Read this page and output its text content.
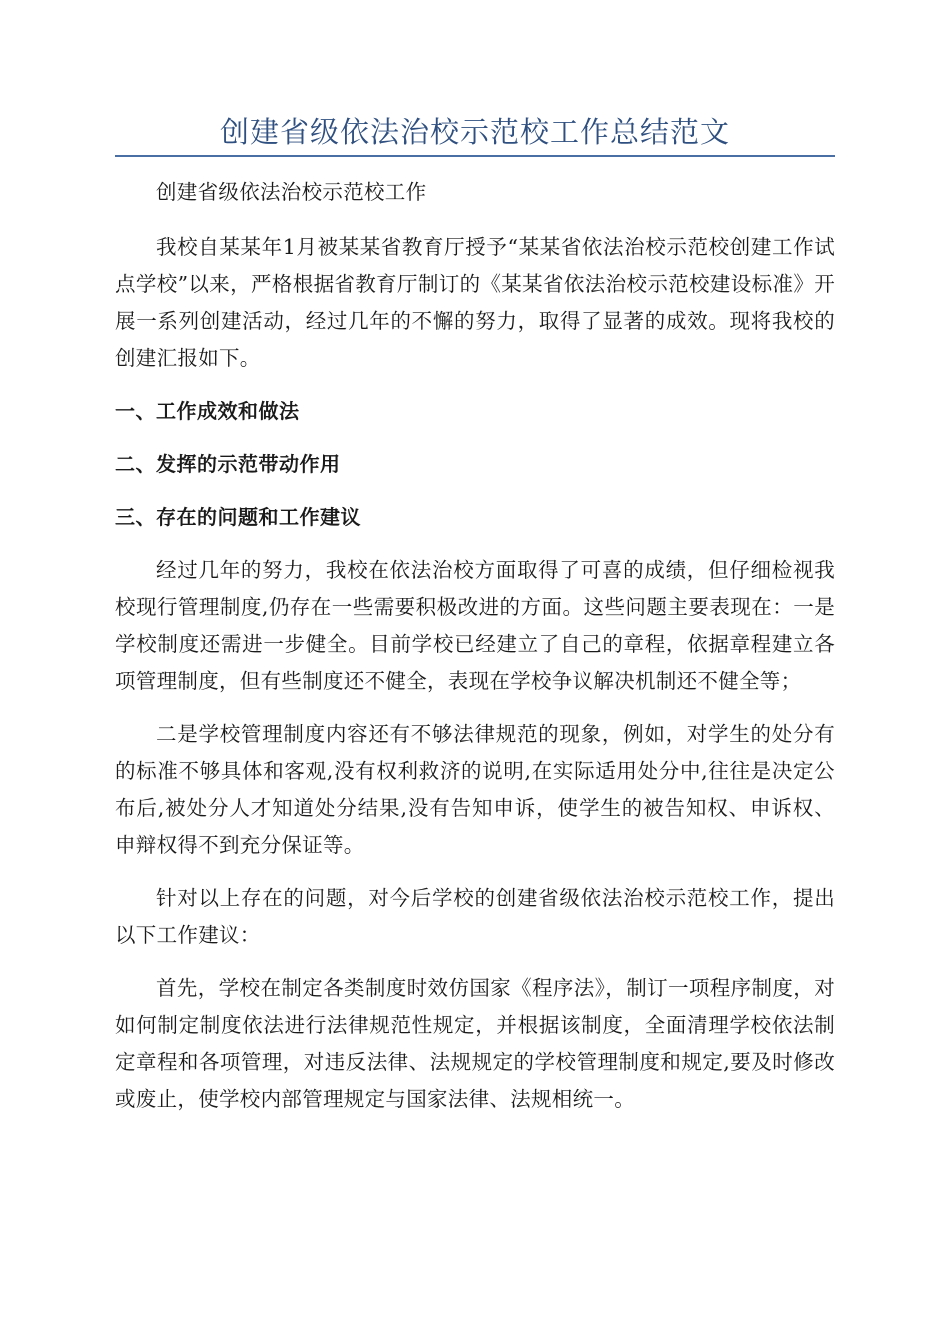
创建省级依法治校示范校工作总结范文

创建省级依法治校示范校工作

我校自某某年1月被某某省教育厅授予“某某省依法治校示范校创建工作试点学校”以来，严格根据省教育厅制订的《某某省依法治校示范校建设标准》开展一系列创建活动，经过几年的不懈的努力，取得了显著的成效。现将我校的创建汇报如下。

一、工作成效和做法
二、发挥的示范带动作用
三、存在的问题和工作建议

经过几年的努力，我校在依法治校方面取得了可喜的成绩，但仔细检视我校现行管理制度,仍存在一些需要积极改进的方面。这些问题主要表现在：一是学校制度还需进一步健全。目前学校已经建立了自己的章程，依据章程建立各项管理制度，但有些制度还不健全，表现在学校争议解决机制还不健全等；

二是学校管理制度内容还有不够法律规范的现象，例如，对学生的处分有的标准不够具体和客观,没有权利救济的说明,在实际适用处分中,往往是决定公布后,被处分人才知道处分结果,没有告知申诉，使学生的被告知权、申诉权、申辩权得不到充分保证等。

针对以上存在的问题，对今后学校的创建省级依法治校示范校工作，提出以下工作建议：

首先，学校在制定各类制度时效仿国家《程序法》，制订一项程序制度，对如何制定制度依法进行法律规范性规定，并根据该制度，全面清理学校依法制定章程和各项管理，对违反法律、法规规定的学校管理制度和规定,要及时修改或废止，使学校内部管理规定与国家法律、法规相统一。
